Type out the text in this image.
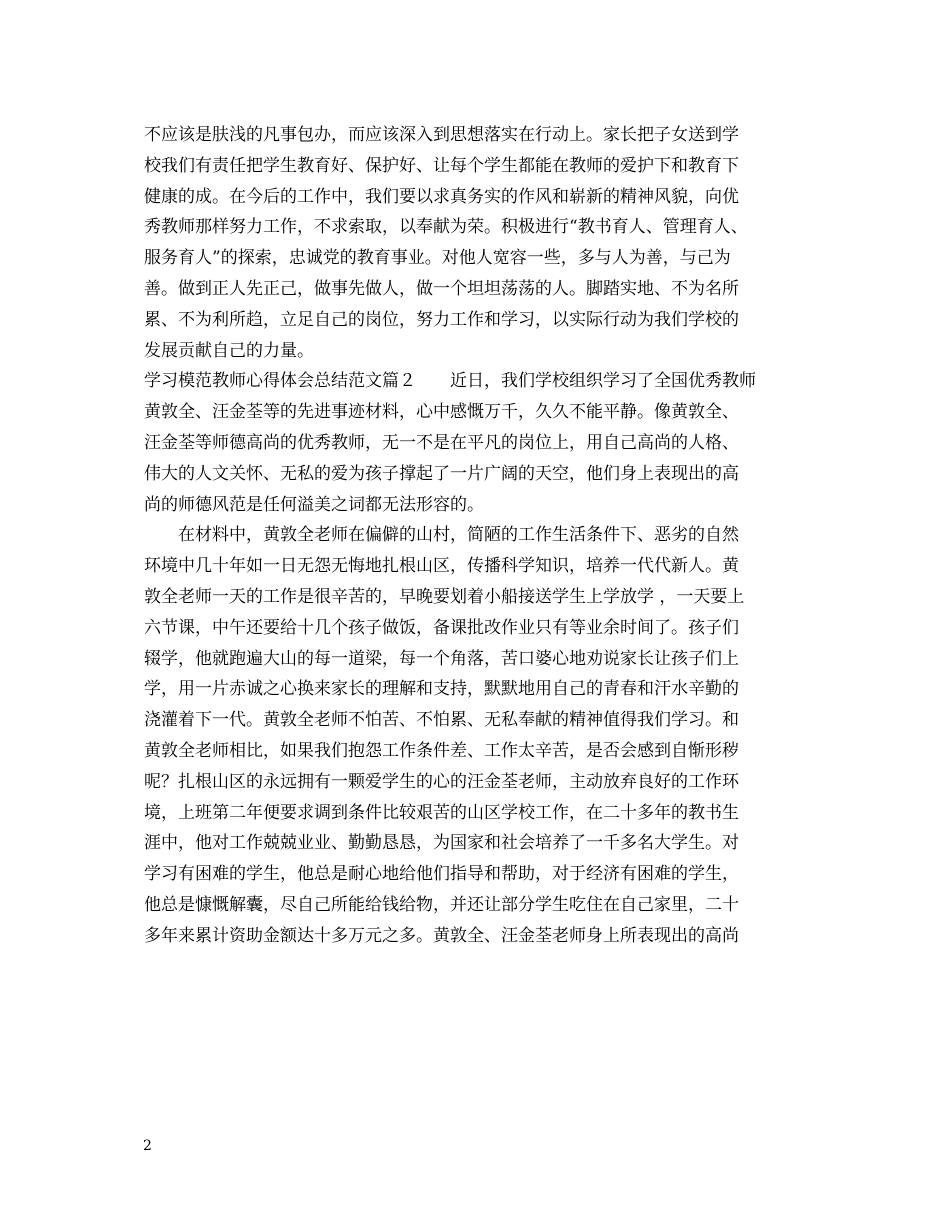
不应该是肤浅的凡事包办，而应该深入到思想落实在行动上。家长把子女送到学
校我们有责任把学生教育好、保护好、让每个学生都能在教师的爱护下和教育下
健康的成。在今后的工作中，我们要以求真务实的作风和崭新的精神风貌，向优
秀教师那样努力工作，不求索取，以奉献为荣。积极进行“教书育人、管理育人、
服务育人”的探索，忠诚党的教育事业。对他人宽容一些，多与人为善，与己为
善。做到正人先正己，做事先做人，做一个坦坦荡荡的人。脚踏实地、不为名所
累、不为利所趋，立足自己的岗位，努力工作和学习，以实际行动为我们学校的
发展贡献自己的力量。
学习模范教师心得体会总结范文篇２　　近日，我们学校组织学习了全国优秀教师
黄敦全、汪金荃等的先进事迹材料，心中感慨万千，久久不能平静。像黄敦全、
汪金荃等师德高尚的优秀教师，无一不是在平凡的岗位上，用自己高尚的人格、
伟大的人文关怀、无私的爱为孩子撑起了一片广阔的天空，他们身上表现出的高
尚的师德风范是任何溢美之词都无法形容的。
　　在材料中，黄敦全老师在偏僻的山村，简陋的工作生活条件下、恶劣的自然
环境中几十年如一日无怨无悔地扎根山区，传播科学知识，培养一代代新人。黄
敦全老师一天的工作是很辛苦的，早晚要划着小船接送学生上学放学 ，一天要上
六节课，中午还要给十几个孩子做饭，备课批改作业只有等业余时间了。孩子们
辍学，他就跑遍大山的每一道梁，每一个角落，苦口婆心地劝说家长让孩子们上
学，用一片赤诚之心换来家长的理解和支持，默默地用自己的青春和汗水辛勤的
浇灌着下一代。黄敦全老师不怕苦、不怕累、无私奉献的精神值得我们学习。和
黄敦全老师相比，如果我们抱怨工作条件差、工作太辛苦，是否会感到自惭形秽
呢？扎根山区的永远拥有一颗爱学生的心的汪金荃老师，主动放弃良好的工作环
境，上班第二年便要求调到条件比较艰苦的山区学校工作，在二十多年的教书生
涯中，他对工作兢兢业业、勤勤恳恳，为国家和社会培养了一千多名大学生。对
学习有困难的学生，他总是耐心地给他们指导和帮助，对于经济有困难的学生，
他总是慷慨解囊，尽自己所能给钱给物，并还让部分学生吃住在自己家里，二十
多年来累计资助金额达十多万元之多。黄敦全、汪金荃老师身上所表现出的高尚
2
